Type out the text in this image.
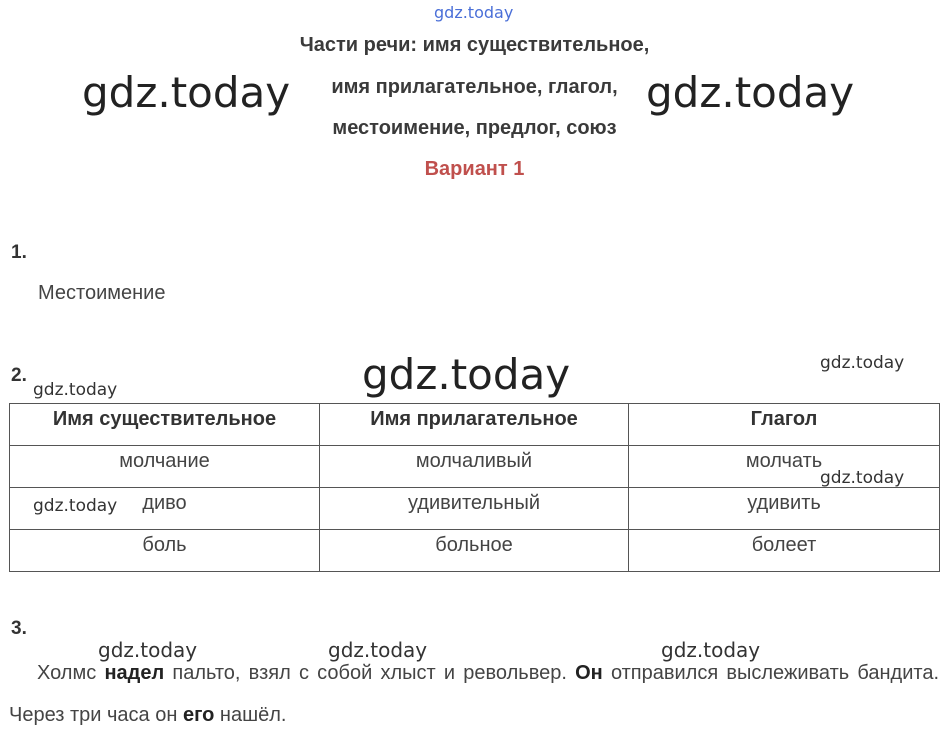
gdz.today
Части речи: имя существительное,
имя прилагательное, глагол,
местоимение, предлог, союз
Вариант 1
gdz.today	gdz.today
gdz.today
1.
Местоимение
2.
gdz.today
gdz.today
Имя существительное	Имя прилагательное	Глагол
молчание	молчаливый	молчать
диво	удивительный	удивить
боль	больное	болеет
gdz.today
gdz.today
3.
gdz.today	gdz.today	gdz.today
Холмс надел пальто, взял с собой хлыст и револьвер. Он отправился выслеживать бандита. Через три часа он его нашёл.
